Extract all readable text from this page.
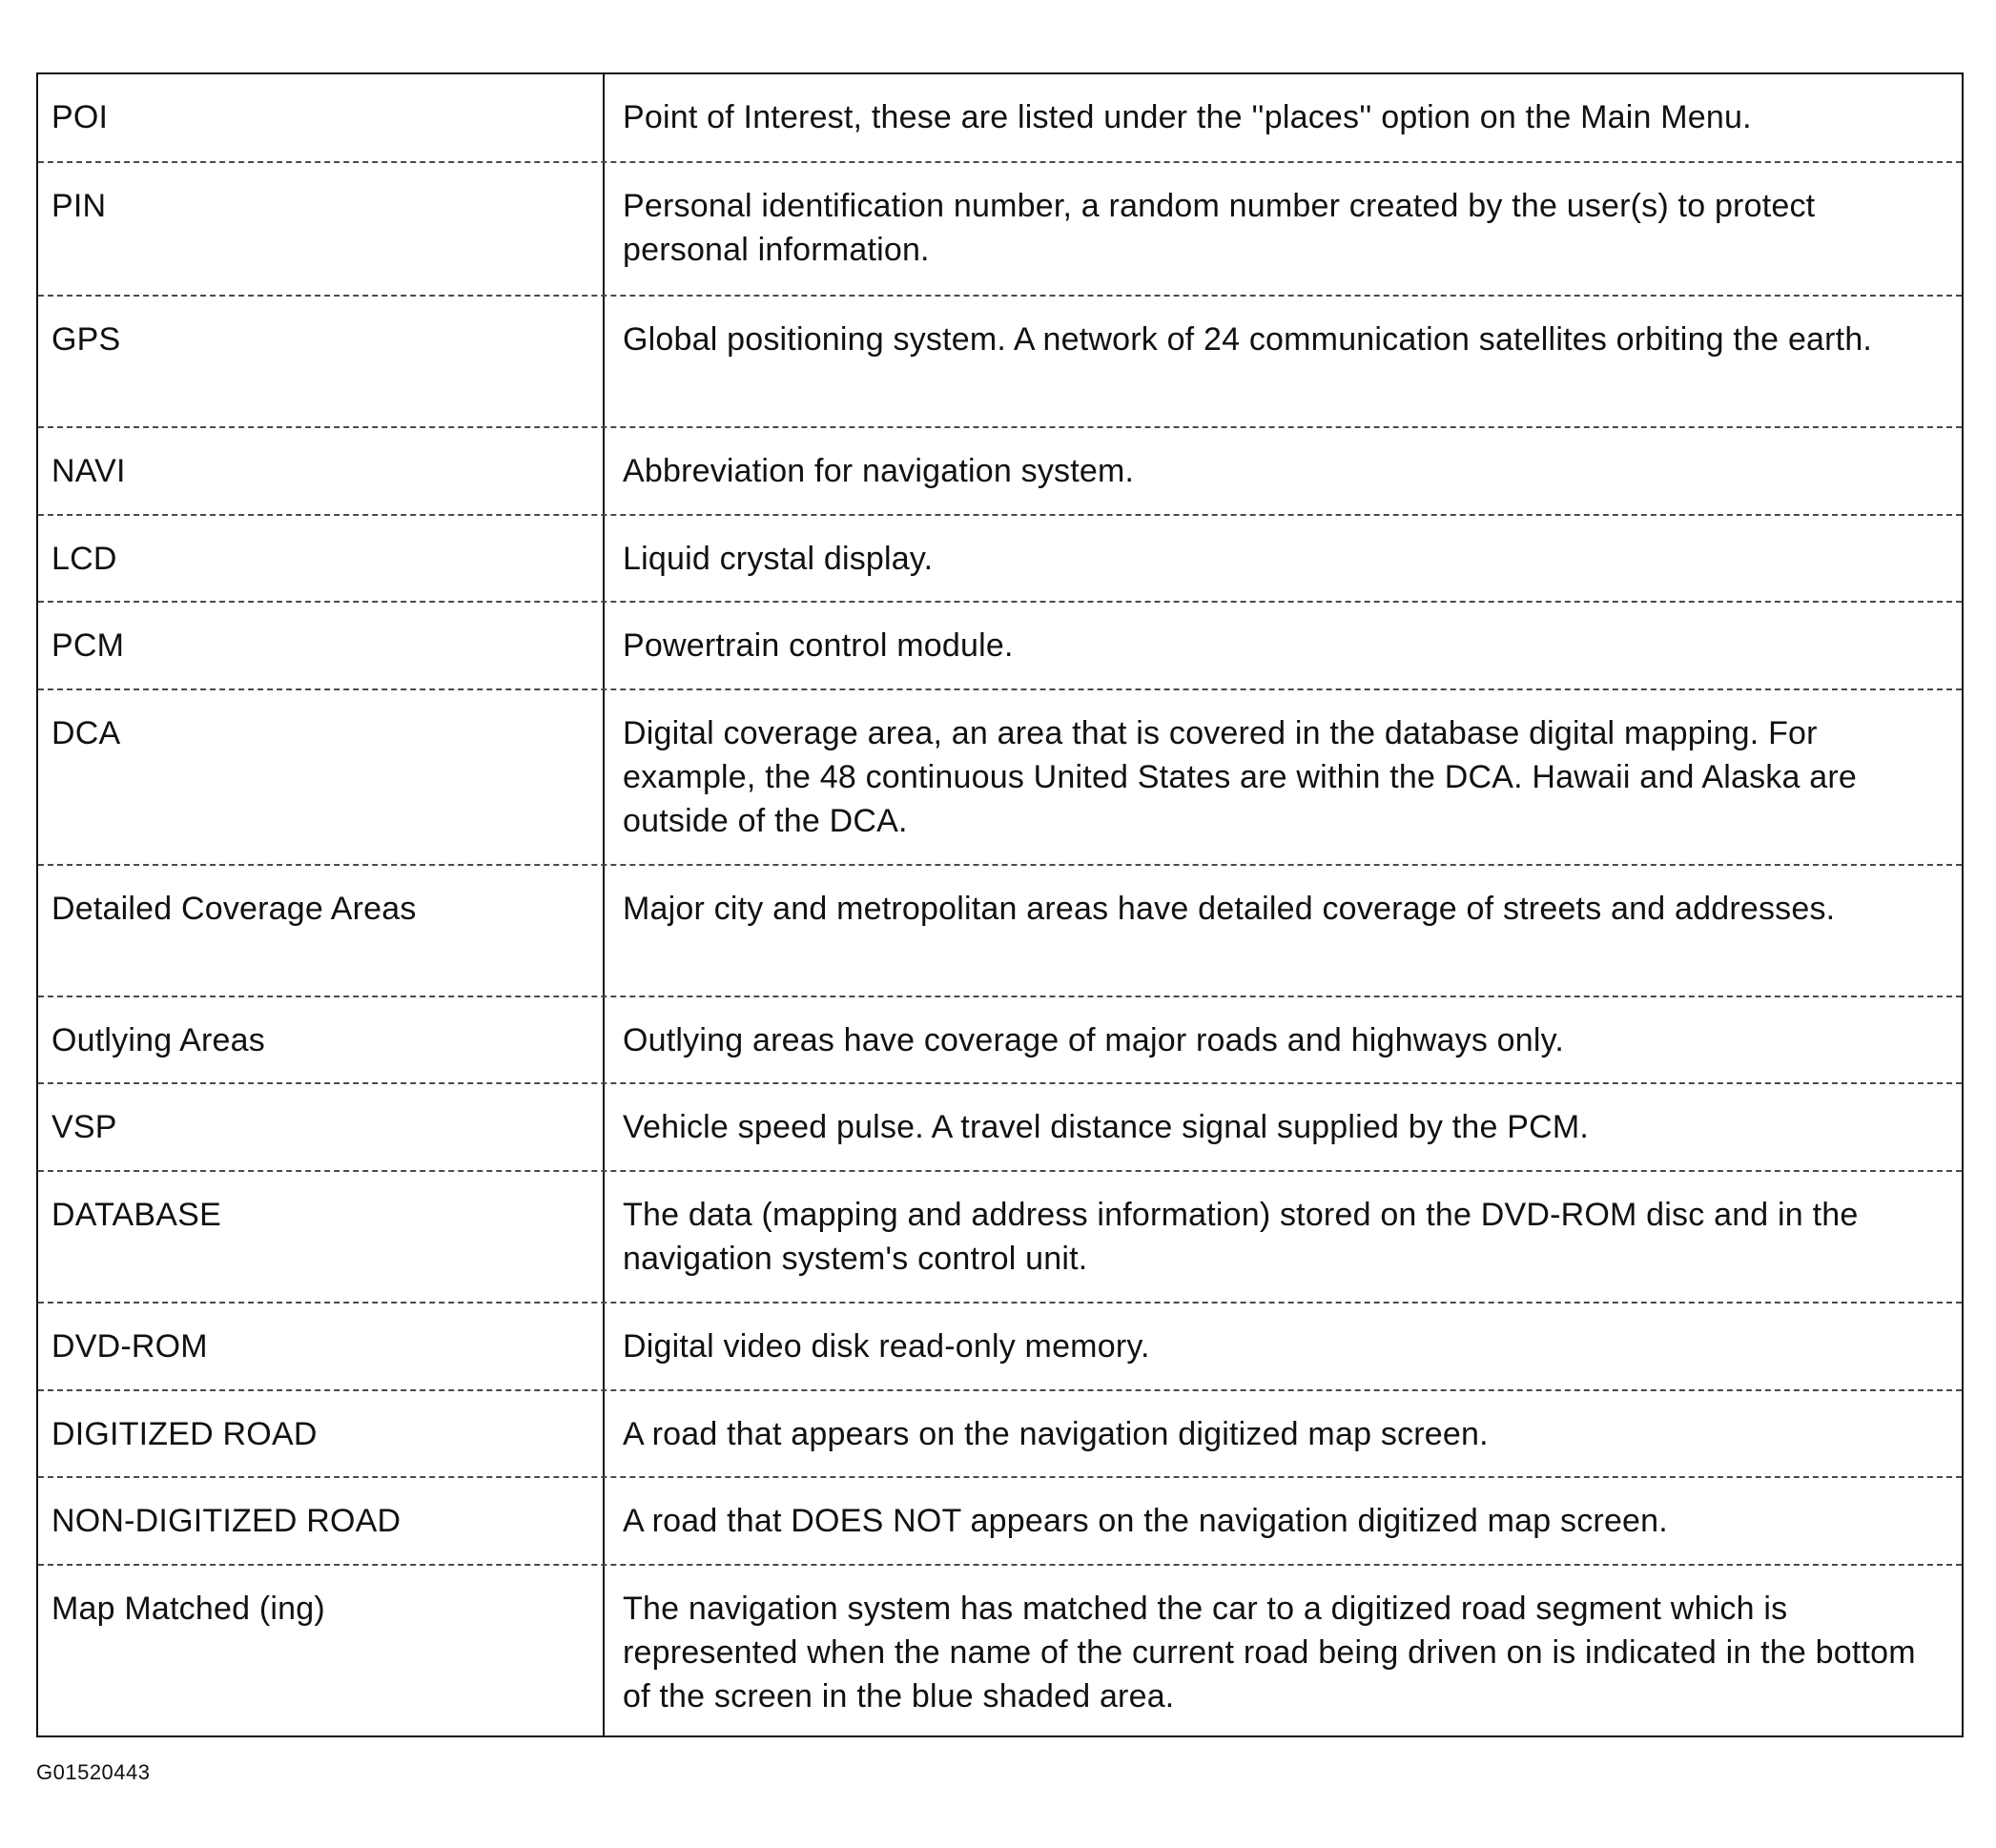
POI	Point of Interest, these are listed under the ''places'' option on the Main Menu.
PIN	Personal identification number, a random number created by the user(s) to protect personal information.
GPS	Global positioning system. A network of 24 communication satellites orbiting the earth.
NAVI	Abbreviation for navigation system.
LCD	Liquid crystal display.
PCM	Powertrain control module.
DCA	Digital coverage area, an area that is covered in the database digital mapping. For example, the 48 continuous United States are within the DCA. Hawaii and Alaska are outside of the DCA.
Detailed Coverage Areas	Major city and metropolitan areas have detailed coverage of streets and addresses.
Outlying Areas	Outlying areas have coverage of major roads and highways only.
VSP	Vehicle speed pulse. A travel distance signal supplied by the PCM.
DATABASE	The data (mapping and address information) stored on the DVD-ROM disc and in the navigation system's control unit.
DVD-ROM	Digital video disk read-only memory.
DIGITIZED ROAD	A road that appears on the navigation digitized map screen.
NON-DIGITIZED ROAD	A road that DOES NOT appears on the navigation digitized map screen.
Map Matched (ing)	The navigation system has matched the car to a digitized road segment which is represented when the name of the current road being driven on is indicated in the bottom of the screen in the blue shaded area.
G01520443
